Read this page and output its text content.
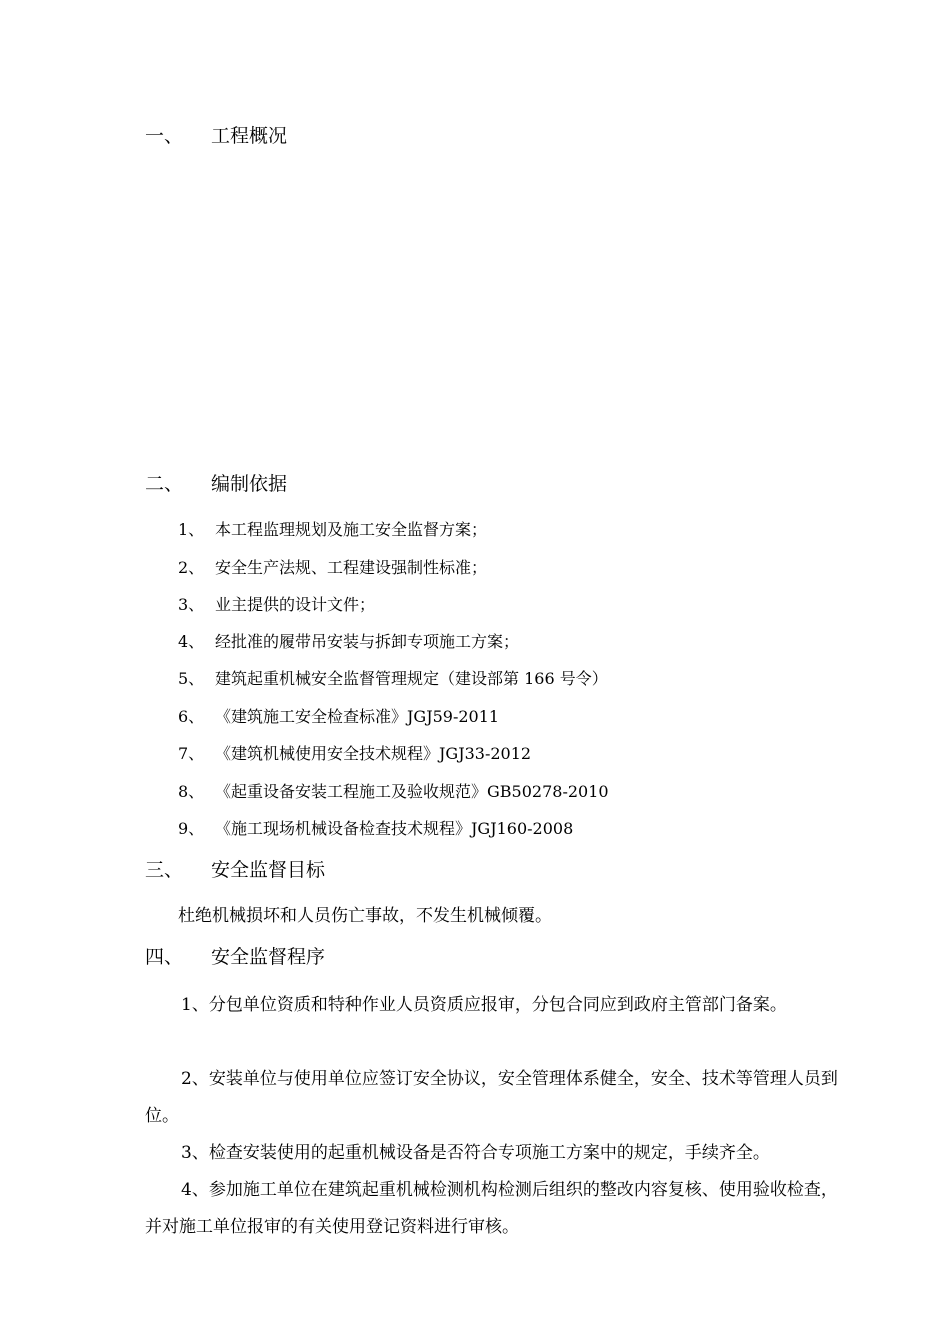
一、 工程概况
二、 编制依据
1、 本工程监理规划及施工安全监督方案；
2、 安全生产法规、工程建设强制性标准；
3、 业主提供的设计文件；
4、 经批准的履带吊安装与拆卸专项施工方案；
5、 建筑起重机械安全监督管理规定（建设部第 166 号令）
6、 《建筑施工安全检查标准》JGJ59-2011
7、 《建筑机械使用安全技术规程》JGJ33-2012
8、 《起重设备安装工程施工及验收规范》GB50278-2010
9、 《施工现场机械设备检查技术规程》JGJ160-2008
三、 安全监督目标
杜绝机械损坏和人员伤亡事故，不发生机械倾覆。
四、 安全监督程序
1、分包单位资质和特种作业人员资质应报审，分包合同应到政府主管部门备案。
2、安装单位与使用单位应签订安全协议，安全管理体系健全，安全、技术等管理人员到位。
3、检查安装使用的起重机械设备是否符合专项施工方案中的规定，手续齐全。
4、参加施工单位在建筑起重机械检测机构检测后组织的整改内容复核、使用验收检查，并对施工单位报审的有关使用登记资料进行审核。
